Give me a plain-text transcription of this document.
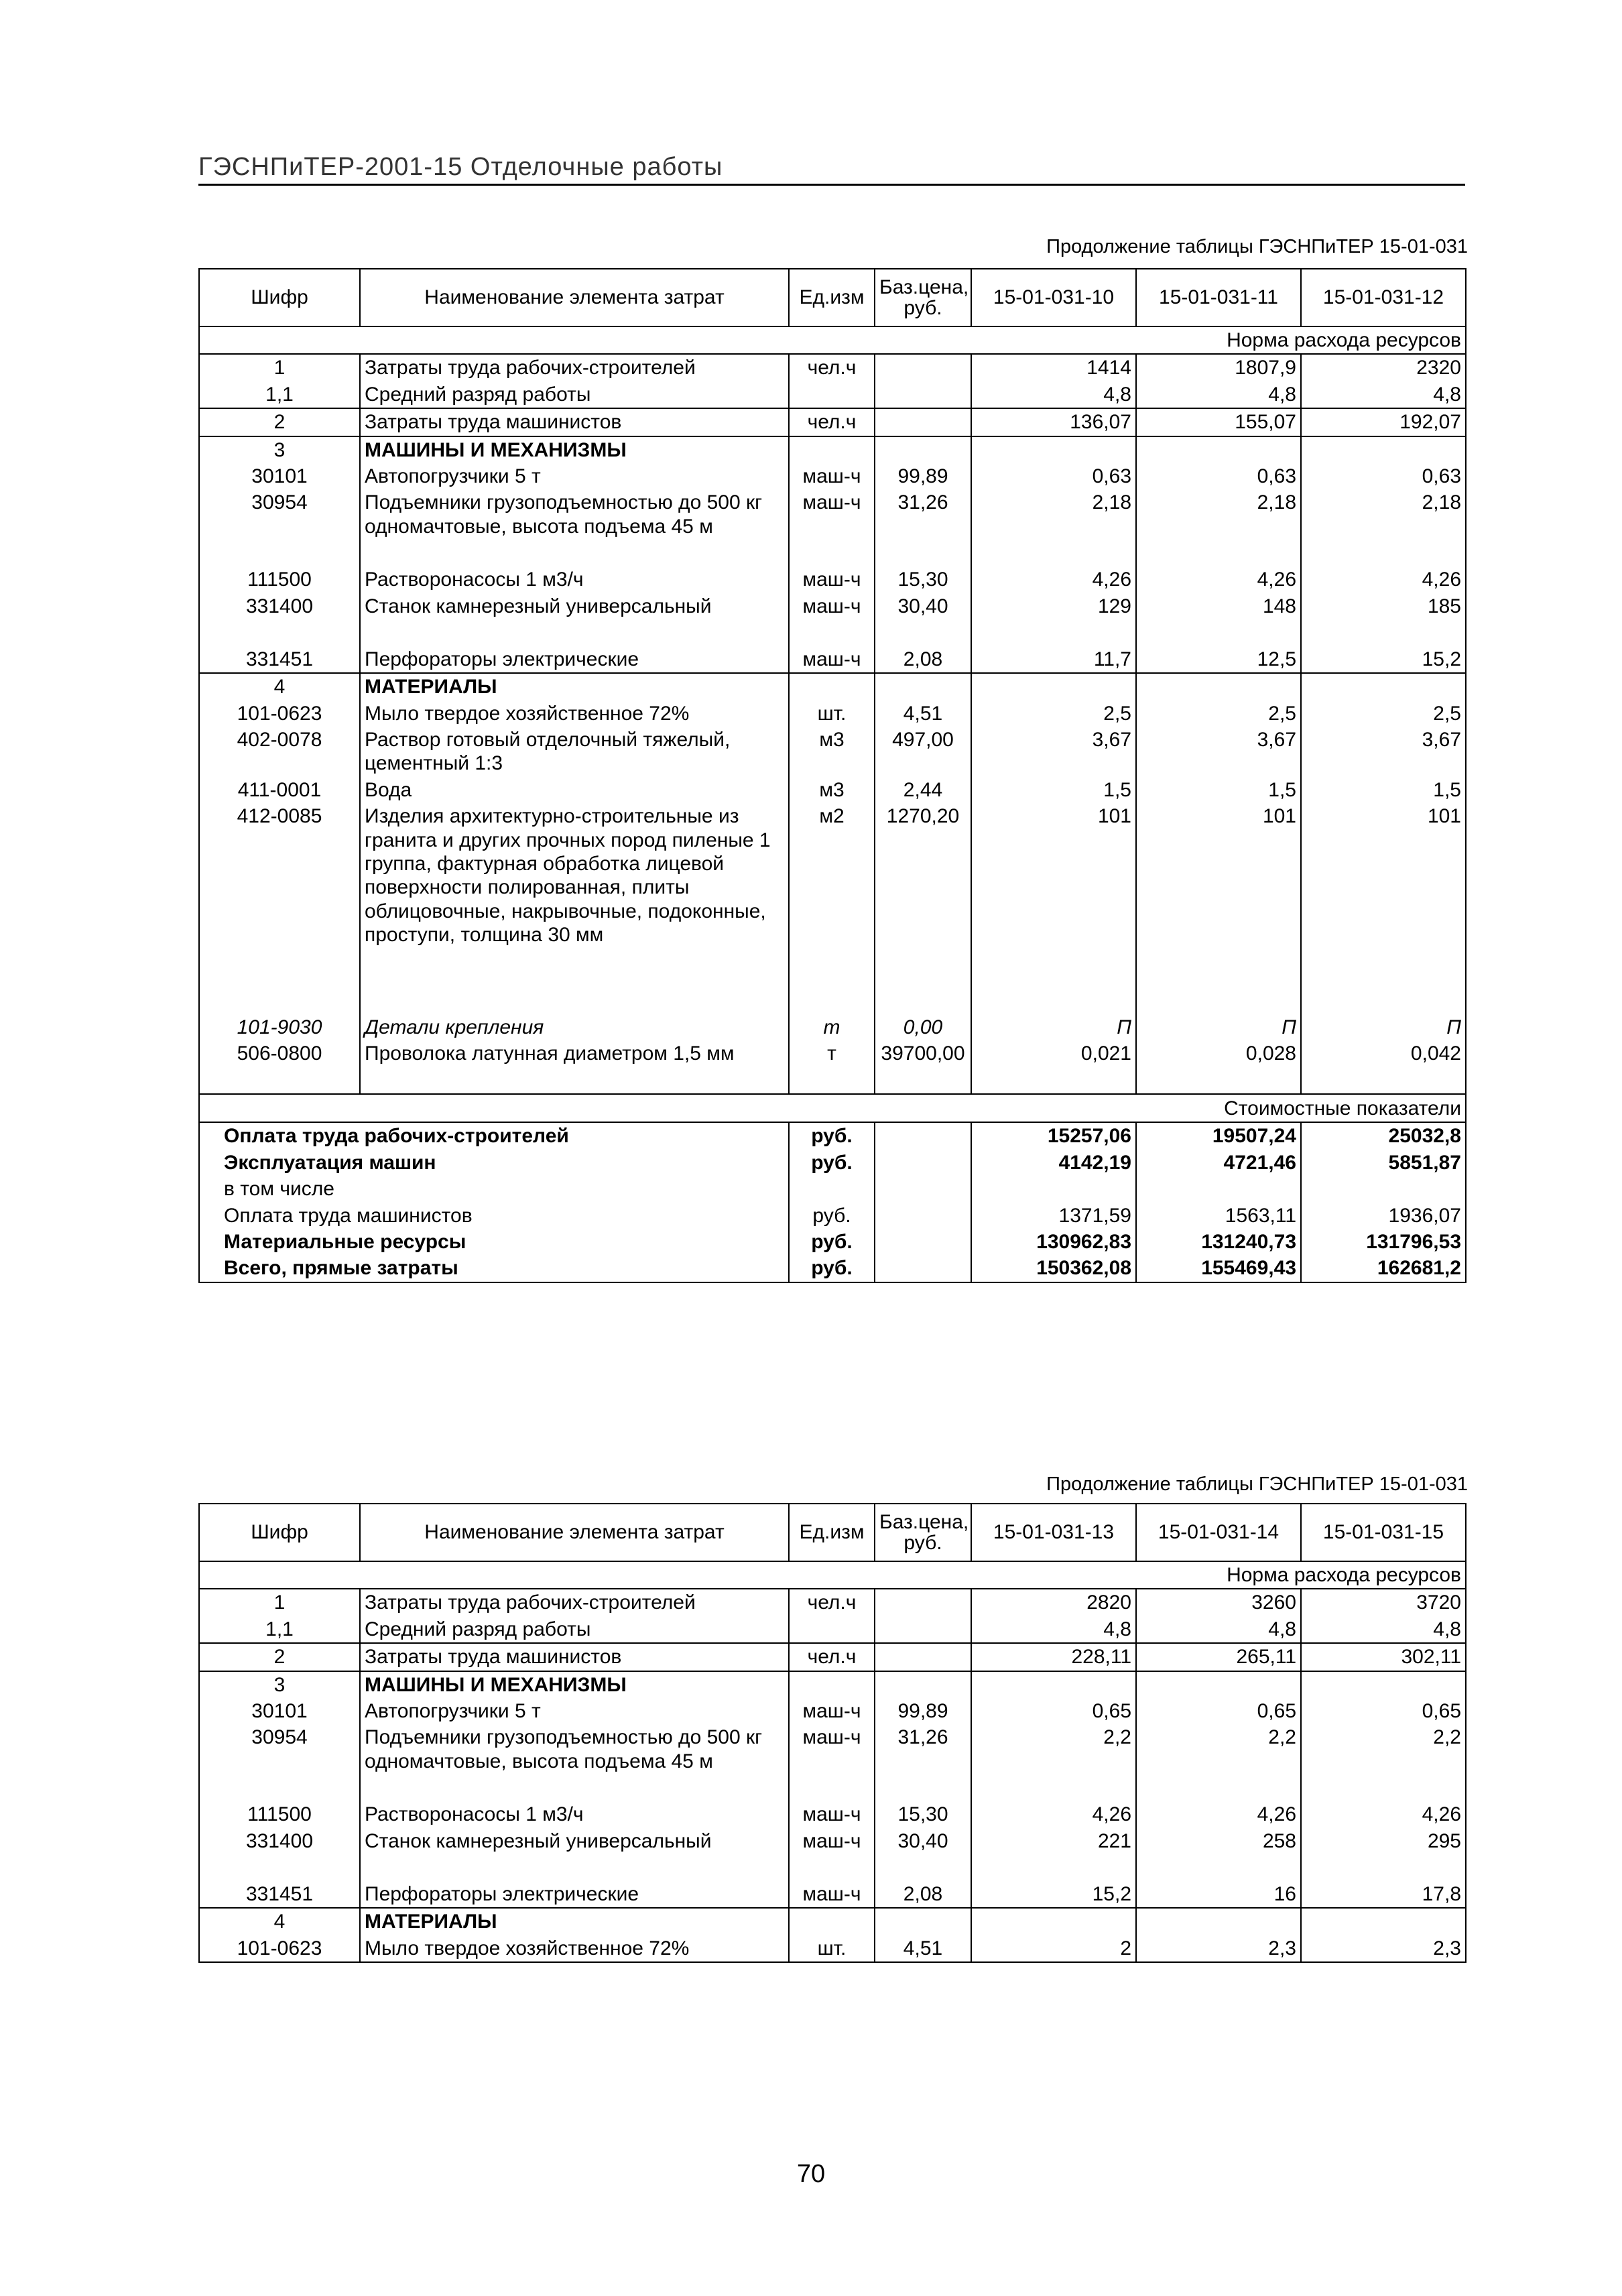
ГЭСНПиТЕР-2001-15 Отделочные работы
Продолжение таблицы ГЭСНПиТЕР 15-01-031
Шифр	Наименование элемента затрат	Ед.изм	Баз.цена, руб.	15-01-031-10	15-01-031-11	15-01-031-12
Норма расхода ресурсов						
1	Затраты труда рабочих-строителей	чел.ч		1414	1807,9	2320
1,1	Средний разряд работы			4,8	4,8	4,8
2	Затраты труда машинистов	чел.ч		136,07	155,07	192,07
3	МАШИНЫ И МЕХАНИЗМЫ					
30101	Автопогрузчики 5 т	маш-ч	99,89	0,63	0,63	0,63
30954	Подъемники грузоподъемностью до 500 кг одномачтовые, высота подъема 45 м	маш-ч	31,26	2,18	2,18	2,18

111500	Растворонасосы 1 м3/ч	маш-ч	15,30	4,26	4,26	4,26
331400	Станок камнерезный универсальный	маш-ч	30,40	129	148	185

331451	Перфораторы электрические	маш-ч	2,08	11,7	12,5	15,2
4	МАТЕРИАЛЫ					
101-0623	Мыло твердое хозяйственное 72%	шт.	4,51	2,5	2,5	2,5
402-0078	Раствор готовый отделочный тяжелый, цементный 1:3	м3	497,00	3,67	3,67	3,67
411-0001	Вода	м3	2,44	1,5	1,5	1,5
412-0085	Изделия архитектурно-строительные из гранита и других прочных пород пиленые 1 группа, фактурная обработка лицевой поверхности полированная, плиты облицовочные, накрывочные, подоконные, проступи, толщина 30 мм	м2	1270,20	101	101	101

101-9030	Детали крепления	т	0,00	П	П	П
506-0800	Проволока латунная диаметром 1,5 мм	т	39700,00	0,021	0,028	0,042

Стоимостные показатели						
Оплата труда рабочих-строителей		руб.		15257,06	19507,24	25032,8
Эксплуатация машин		руб.		4142,19	4721,46	5851,87
в том числе						
Оплата труда машинистов		руб.		1371,59	1563,11	1936,07
Материальные ресурсы		руб.		130962,83	131240,73	131796,53
Всего, прямые затраты		руб.		150362,08	155469,43	162681,2
Продолжение таблицы ГЭСНПиТЕР 15-01-031
Шифр	Наименование элемента затрат	Ед.изм	Баз.цена, руб.	15-01-031-13	15-01-031-14	15-01-031-15
Норма расхода ресурсов						
1	Затраты труда рабочих-строителей	чел.ч		2820	3260	3720
1,1	Средний разряд работы			4,8	4,8	4,8
2	Затраты труда машинистов	чел.ч		228,11	265,11	302,11
3	МАШИНЫ И МЕХАНИЗМЫ					
30101	Автопогрузчики 5 т	маш-ч	99,89	0,65	0,65	0,65
30954	Подъемники грузоподъемностью до 500 кг одномачтовые, высота подъема 45 м	маш-ч	31,26	2,2	2,2	2,2

111500	Растворонасосы 1 м3/ч	маш-ч	15,30	4,26	4,26	4,26
331400	Станок камнерезный универсальный	маш-ч	30,40	221	258	295

331451	Перфораторы электрические	маш-ч	2,08	15,2	16	17,8
4	МАТЕРИАЛЫ					
101-0623	Мыло твердое хозяйственное 72%	шт.	4,51	2	2,3	2,3
70
